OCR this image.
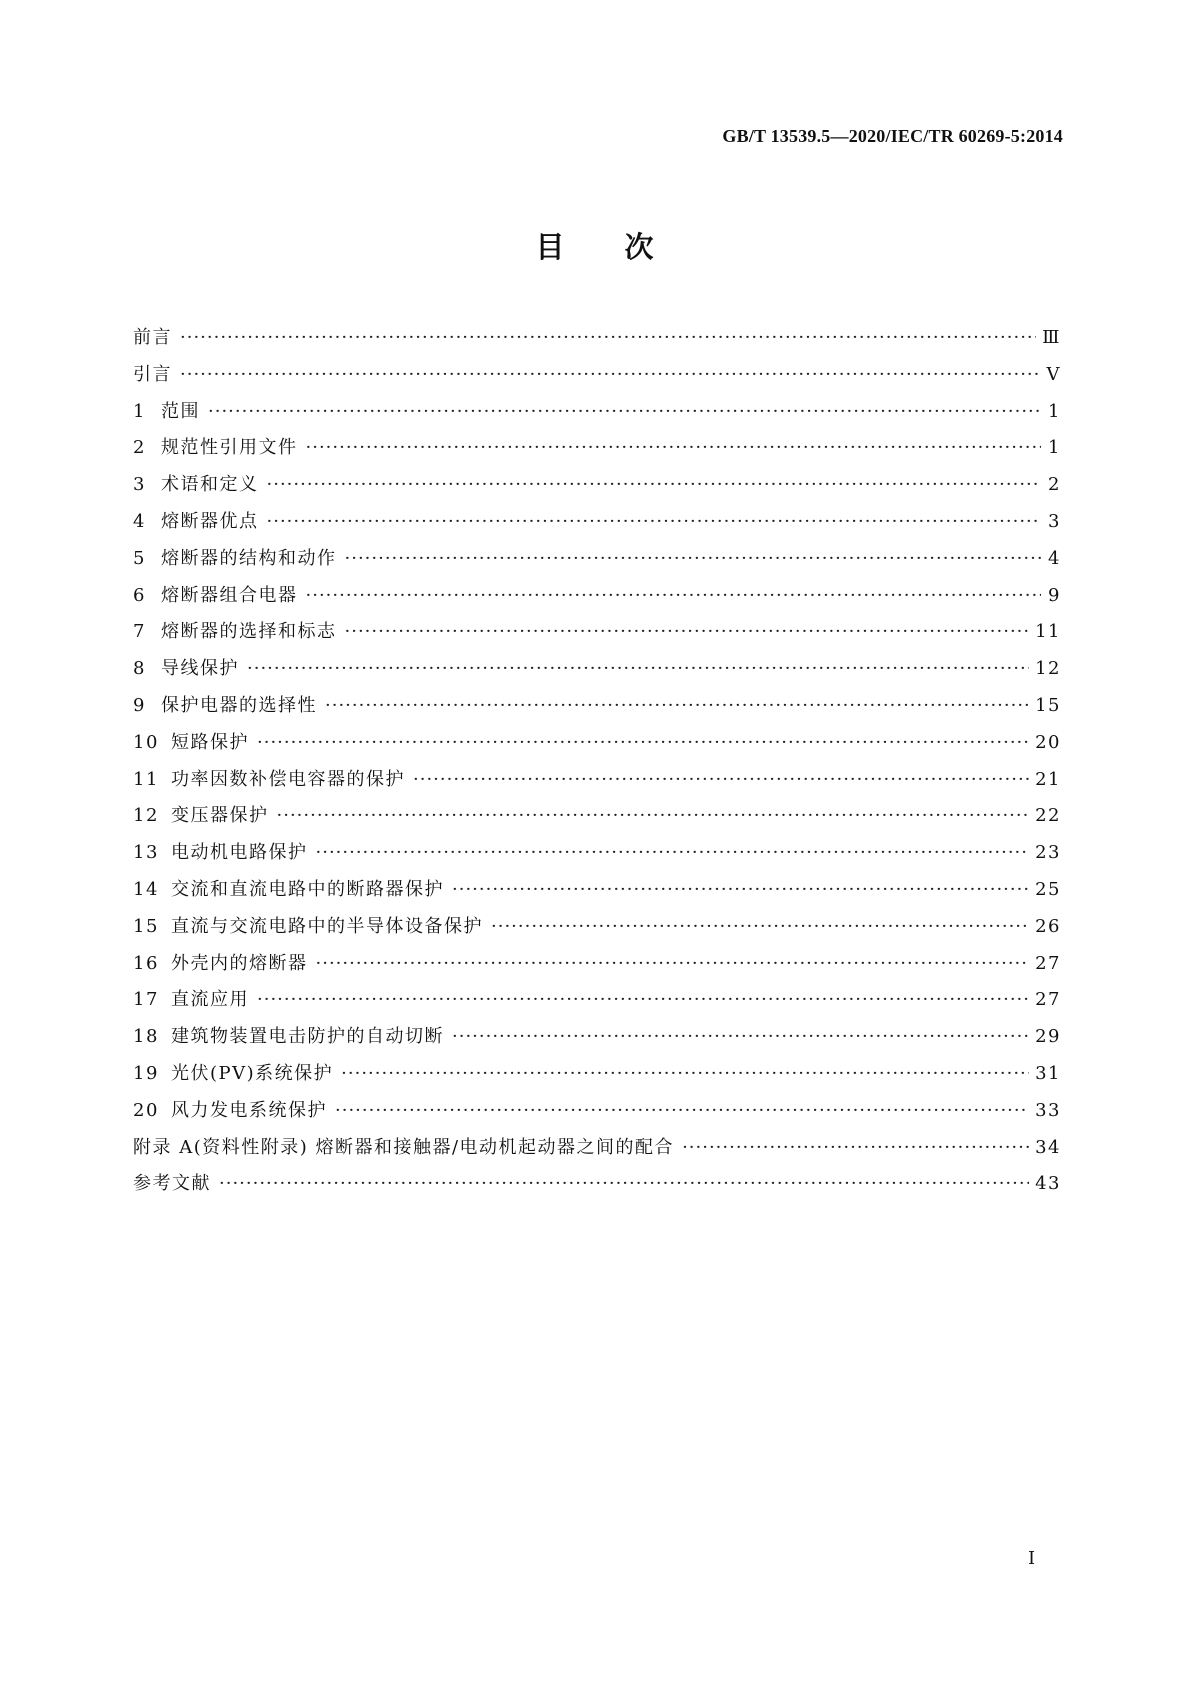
GB/T 13539.5—2020/IEC/TR 60269-5:2014
目 次
前言 ·····	Ⅲ
引言 ·····	Ⅴ
1 范围 ·····	1
2 规范性引用文件 ·····	1
3 术语和定义 ·····	2
4 熔断器优点 ·····	3
5 熔断器的结构和动作 ·····	4
6 熔断器组合电器 ·····	9
7 熔断器的选择和标志 ·····	11
8 导线保护 ·····	12
9 保护电器的选择性 ·····	15
10 短路保护 ·····	20
11 功率因数补偿电容器的保护 ·····	21
12 变压器保护 ·····	22
13 电动机电路保护 ·····	23
14 交流和直流电路中的断路器保护 ·····	25
15 直流与交流电路中的半导体设备保护 ·····	26
16 外壳内的熔断器 ·····	27
17 直流应用 ·····	27
18 建筑物装置电击防护的自动切断 ·····	29
19 光伏(PV)系统保护 ·····	31
20 风力发电系统保护 ·····	33
附录 A(资料性附录) 熔断器和接触器/电动机起动器之间的配合 ·····	34
参考文献 ·····	43
Ⅰ
